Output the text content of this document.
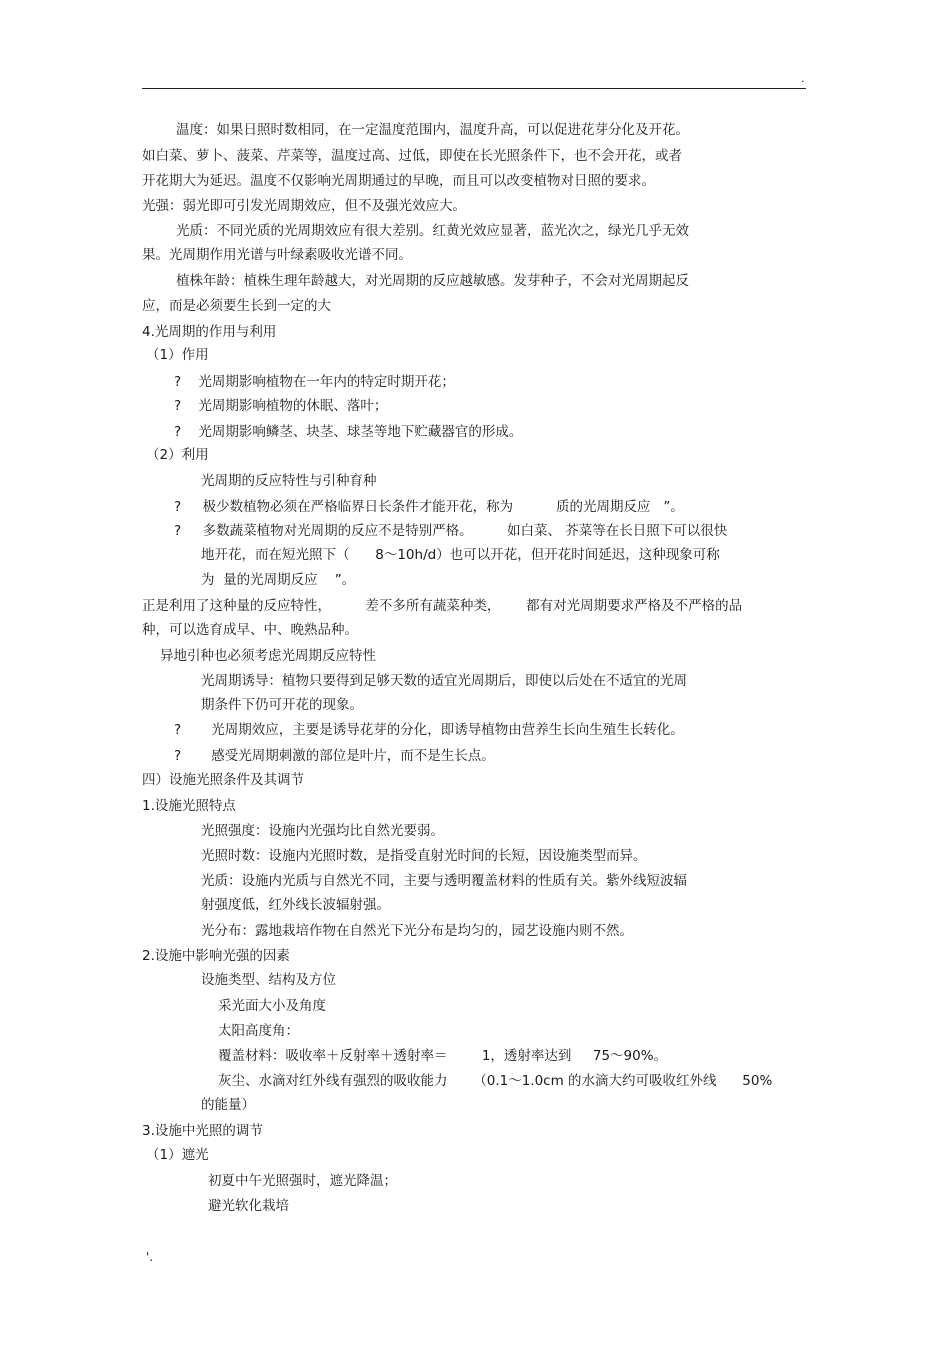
.
温度：如果日照时数相同，在一定温度范围内，温度升高，可以促进花芽分化及开花。
如白菜、萝卜、菠菜、芹菜等，温度过高、过低，即使在长光照条件下，也不会开花，或者
开花期大为延迟。温度不仅影响光周期通过的早晚，而且可以改变植物对日照的要求。
光强：弱光即可引发光周期效应，但不及强光效应大。
光质：不同光质的光周期效应有很大差别。红黄光效应显著，蓝光次之，绿光几乎无效
果。光周期作用光谱与叶绿素吸收光谱不同。
植株年龄：植株生理年龄越大，对光周期的反应越敏感。发芽种子，不会对光周期起反
应，而是必须要生长到一定的大
4.光周期的作用与利用
（1）作用
?    光周期影响植物在一年内的特定时期开花；
?    光周期影响植物的休眠、落叶；
?    光周期影响鳞茎、块茎、球茎等地下贮藏器官的形成。
（2）利用
光周期的反应特性与引种育种
?     极少数植物必须在严格临界日长条件才能开花，称为          质的光周期反应   ”。
?     多数蔬菜植物对光周期的反应不是特别严格。        如白菜、 芥菜等在长日照下可以很快
地开花，而在短光照下（      8～10h/d）也可以开花，但开花时间延迟，这种现象可称
为  量的光周期反应    ”。
正是利用了这种量的反应特性，        差不多所有蔬菜种类，      都有对光周期要求严格及不严格的品
种，可以选育成早、中、晚熟品种。
异地引种也必须考虑光周期反应特性
光周期诱导：植物只要得到足够天数的适宜光周期后，即使以后处在不适宜的光周
期条件下仍可开花的现象。
?       光周期效应，主要是诱导花芽的分化，即诱导植物由营养生长向生殖生长转化。
?       感受光周期刺激的部位是叶片，而不是生长点。
四）设施光照条件及其调节
1.设施光照特点
光照强度：设施内光强均比自然光要弱。
光照时数：设施内光照时数，是指受直射光时间的长短，因设施类型而异。
光质：设施内光质与自然光不同，主要与透明覆盖材料的性质有关。紫外线短波辐
射强度低，红外线长波辐射强。
光分布：露地栽培作物在自然光下光分布是均匀的，园艺设施内则不然。
2.设施中影响光强的因素
设施类型、结构及方位
采光面大小及角度
太阳高度角：
覆盖材料：吸收率＋反射率＋透射率＝        1，透射率达到     75～90%。
灰尘、水滴对红外线有强烈的吸收能力      （0.1～1.0cm 的水滴大约可吸收红外线      50%
的能量）
3.设施中光照的调节
（1）遮光
初夏中午光照强时，遮光降温；
避光软化栽培
'.
